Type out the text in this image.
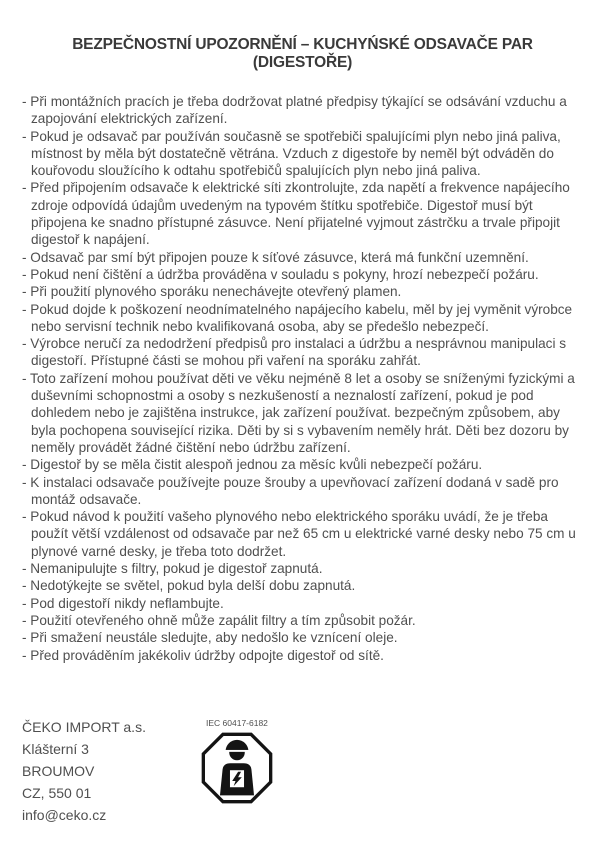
BEZPEČNOSTNÍ UPOZORNĚNÍ – KUCHYŃSKÉ ODSAVAČE PAR (DIGESTOŘE)

- Při montážních pracích je třeba dodržovat platné předpisy týkající se odsávání vzduchu a zapojování elektrických zařízení.

- Pokud je odsavač par používán současně se spotřebiči spalujícími plyn nebo jiná paliva, místnost by měla být dostatečně větrána. Vzduch z digestoře by neměl být odváděn do kouřovodu sloužícího k odtahu spotřebičů spalujících plyn nebo jiná paliva.

- Před připojením odsavače k elektrické síti zkontrolujte, zda napětí a frekvence napájecího zdroje odpovídá údajům uvedeným na typovém štítku spotřebiče. Digestoř musí být připojena ke snadno přístupné zásuvce. Není přijatelné vyjmout zástrčku a trvale připojit digestoř k napájení.

- Odsavač par smí být připojen pouze k síťové zásuvce, která má funkční uzemnění.

- Pokud není čištění a údržba prováděna v souladu s pokyny, hrozí nebezpečí požáru.

- Při použití plynového sporáku nenechávejte otevřený plamen.

- Pokud dojde k poškození neodnímatelného napájecího kabelu, měl by jej vyměnit výrobce nebo servisní technik nebo kvalifikovaná osoba, aby se předešlo nebezpečí.

- Výrobce neručí za nedodržení předpisů pro instalaci a údržbu a nesprávnou manipulaci s digestoří. Přístupné části se mohou při vaření na sporáku zahřát.

- Toto zařízení mohou používat děti ve věku nejméně 8 let a osoby se sníženými fyzickými a duševními schopnostmi a osoby s nezkušeností a neznalostí zařízení, pokud je pod dohledem nebo je zajištěna instrukce, jak zařízení používat. bezpečným způsobem, aby byla pochopena související rizika. Děti by si s vybavením neměly hrát. Děti bez dozoru by neměly provádět žádné čištění nebo údržbu zařízení.

- Digestoř by se měla čistit alespoň jednou za měsíc kvůli nebezpečí požáru.

- K instalaci odsavače používejte pouze šrouby a upevňovací zařízení dodaná v sadě pro montáž odsavače.

- Pokud návod k použití vašeho plynového nebo elektrického sporáku uvádí, že je třeba použít větší vzdálenost od odsavače par než 65 cm u elektrické varné desky nebo 75 cm u plynové varné desky, je třeba toto dodržet.

- Nemanipulujte s filtry, pokud je digestoř zapnutá.

- Nedotýkejte se světel, pokud byla delší dobu zapnutá.

- Pod digestoří nikdy neflambujte.

- Použití otevřeného ohně může zapálit filtry a tím způsobit požár.

- Při smažení neustále sledujte, aby nedošlo ke vznícení oleje.

- Před prováděním jakékoliv údržby odpojte digestoř od sítě.

ČEKO IMPORT a.s.
Klášterní 3
BROUMOV
CZ, 550 01
info@ceko.cz
IEC 60417-6182
